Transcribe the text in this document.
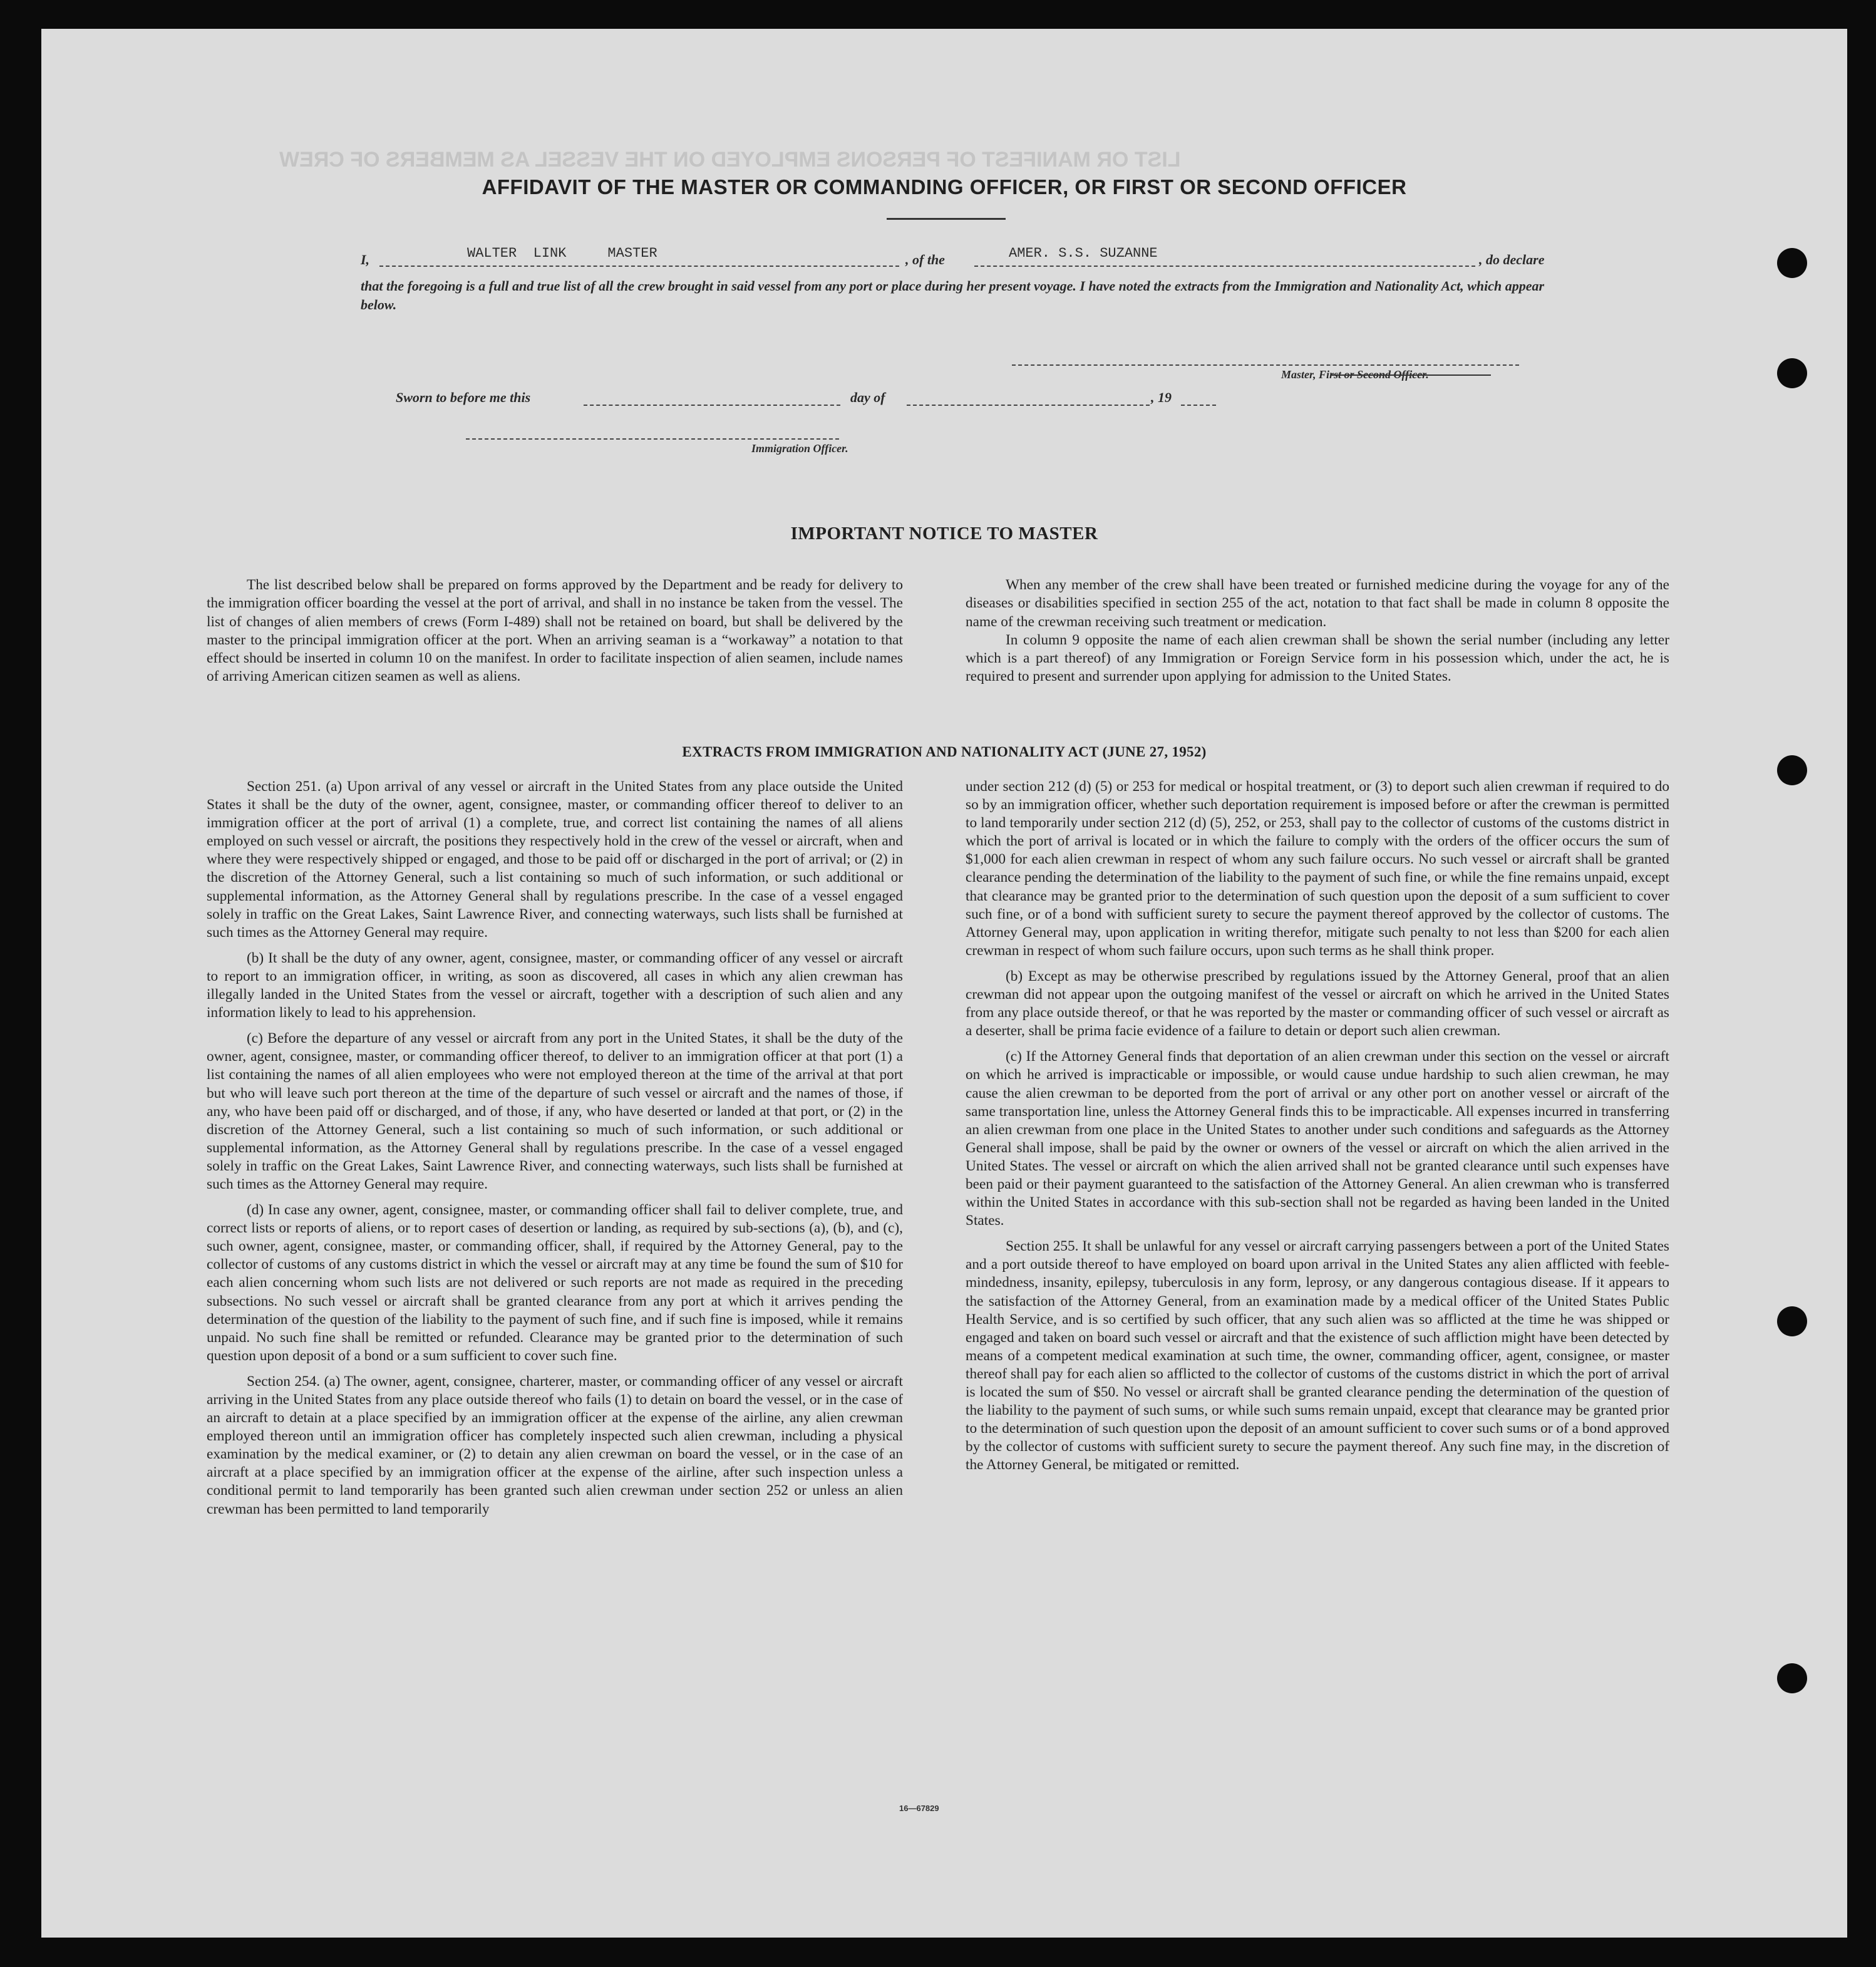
LIST OR MANIFEST OF PERSONS EMPLOYED ON THE VESSEL AS MEMBERS OF CREW
AFFIDAVIT OF THE MASTER OR COMMANDING OFFICER, OR FIRST OR SECOND OFFICER
I,	WALTER  LINK     MASTER	, of the	AMER. S.S. SUZANNE	, do declare
that the foregoing is a full and true list of all the crew brought in said vessel from any port or place during her present voyage. I have noted the extracts from the Immigration and Nationality Act, which appear below.
Master, First or Second Officer.
Sworn to before me this	day of	, 19
Immigration Officer.
IMPORTANT NOTICE TO MASTER

The list described below shall be prepared on forms approved by the Department and be ready for delivery to the immigration officer boarding the vessel at the port of arrival, and shall in no instance be taken from the vessel. The list of changes of alien members of crews (Form I-489) shall not be retained on board, but shall be delivered by the master to the principal immigration officer at the port. When an arriving seaman is a “workaway” a notation to that effect should be inserted in column 10 on the manifest. In order to facilitate inspection of alien seamen, include names of arriving American citizen seamen as well as aliens.

When any member of the crew shall have been treated or furnished medicine during the voyage for any of the diseases or disabilities specified in section 255 of the act, notation to that fact shall be made in column 8 opposite the name of the crewman receiving such treatment or medication.

In column 9 opposite the name of each alien crewman shall be shown the serial number (including any letter which is a part thereof) of any Immigration or Foreign Service form in his possession which, under the act, he is required to present and surrender upon applying for admission to the United States.

EXTRACTS FROM IMMIGRATION AND NATIONALITY ACT (JUNE 27, 1952)

Section 251. (a) Upon arrival of any vessel or aircraft in the United States from any place outside the United States it shall be the duty of the owner, agent, consignee, master, or commanding officer thereof to deliver to an immigration officer at the port of arrival (1) a complete, true, and correct list containing the names of all aliens employed on such vessel or aircraft, the positions they respectively hold in the crew of the vessel or aircraft, when and where they were respectively shipped or engaged, and those to be paid off or discharged in the port of arrival; or (2) in the discretion of the Attorney General, such a list containing so much of such information, or such additional or supplemental information, as the Attorney General shall by regulations prescribe. In the case of a vessel engaged solely in traffic on the Great Lakes, Saint Lawrence River, and connecting waterways, such lists shall be furnished at such times as the Attorney General may require.

(b) It shall be the duty of any owner, agent, consignee, master, or commanding officer of any vessel or aircraft to report to an immigration officer, in writing, as soon as discovered, all cases in which any alien crewman has illegally landed in the United States from the vessel or aircraft, together with a description of such alien and any information likely to lead to his apprehension.

(c) Before the departure of any vessel or aircraft from any port in the United States, it shall be the duty of the owner, agent, consignee, master, or commanding officer thereof, to deliver to an immigration officer at that port (1) a list containing the names of all alien employees who were not employed thereon at the time of the arrival at that port but who will leave such port thereon at the time of the departure of such vessel or aircraft and the names of those, if any, who have been paid off or discharged, and of those, if any, who have deserted or landed at that port, or (2) in the discretion of the Attorney General, such a list containing so much of such information, or such additional or supplemental information, as the Attorney General shall by regulations prescribe. In the case of a vessel engaged solely in traffic on the Great Lakes, Saint Lawrence River, and connecting waterways, such lists shall be furnished at such times as the Attorney General may require.

(d) In case any owner, agent, consignee, master, or commanding officer shall fail to deliver complete, true, and correct lists or reports of aliens, or to report cases of desertion or landing, as required by sub-sections (a), (b), and (c), such owner, agent, consignee, master, or commanding officer, shall, if required by the Attorney General, pay to the collector of customs of any customs district in which the vessel or aircraft may at any time be found the sum of $10 for each alien concerning whom such lists are not delivered or such reports are not made as required in the preceding subsections. No such vessel or aircraft shall be granted clearance from any port at which it arrives pending the determination of the question of the liability to the payment of such fine, and if such fine is imposed, while it remains unpaid. No such fine shall be remitted or refunded. Clearance may be granted prior to the determination of such question upon deposit of a bond or a sum sufficient to cover such fine.

Section 254. (a) The owner, agent, consignee, charterer, master, or commanding officer of any vessel or aircraft arriving in the United States from any place outside thereof who fails (1) to detain on board the vessel, or in the case of an aircraft to detain at a place specified by an immigration officer at the expense of the airline, any alien crewman employed thereon until an immigration officer has completely inspected such alien crewman, including a physical examination by the medical examiner, or (2) to detain any alien crewman on board the vessel, or in the case of an aircraft at a place specified by an immigration officer at the expense of the airline, after such inspection unless a conditional permit to land temporarily has been granted such alien crewman under section 252 or unless an alien crewman has been permitted to land temporarily

under section 212 (d) (5) or 253 for medical or hospital treatment, or (3) to deport such alien crewman if required to do so by an immigration officer, whether such deportation requirement is imposed before or after the crewman is permitted to land temporarily under section 212 (d) (5), 252, or 253, shall pay to the collector of customs of the customs district in which the port of arrival is located or in which the failure to comply with the orders of the officer occurs the sum of $1,000 for each alien crewman in respect of whom any such failure occurs. No such vessel or aircraft shall be granted clearance pending the determination of the liability to the payment of such fine, or while the fine remains unpaid, except that clearance may be granted prior to the determination of such question upon the deposit of a sum sufficient to cover such fine, or of a bond with sufficient surety to secure the payment thereof approved by the collector of customs. The Attorney General may, upon application in writing therefor, mitigate such penalty to not less than $200 for each alien crewman in respect of whom such failure occurs, upon such terms as he shall think proper.

(b) Except as may be otherwise prescribed by regulations issued by the Attorney General, proof that an alien crewman did not appear upon the outgoing manifest of the vessel or aircraft on which he arrived in the United States from any place outside thereof, or that he was reported by the master or commanding officer of such vessel or aircraft as a deserter, shall be prima facie evidence of a failure to detain or deport such alien crewman.

(c) If the Attorney General finds that deportation of an alien crewman under this section on the vessel or aircraft on which he arrived is impracticable or impossible, or would cause undue hardship to such alien crewman, he may cause the alien crewman to be deported from the port of arrival or any other port on another vessel or aircraft of the same transportation line, unless the Attorney General finds this to be impracticable. All expenses incurred in transferring an alien crewman from one place in the United States to another under such conditions and safeguards as the Attorney General shall impose, shall be paid by the owner or owners of the vessel or aircraft on which the alien arrived in the United States. The vessel or aircraft on which the alien arrived shall not be granted clearance until such expenses have been paid or their payment guaranteed to the satisfaction of the Attorney General. An alien crewman who is transferred within the United States in accordance with this sub-section shall not be regarded as having been landed in the United States.

Section 255. It shall be unlawful for any vessel or aircraft carrying passengers between a port of the United States and a port outside thereof to have employed on board upon arrival in the United States any alien afflicted with feeble-mindedness, insanity, epilepsy, tuberculosis in any form, leprosy, or any dangerous contagious disease. If it appears to the satisfaction of the Attorney General, from an examination made by a medical officer of the United States Public Health Service, and is so certified by such officer, that any such alien was so afflicted at the time he was shipped or engaged and taken on board such vessel or aircraft and that the existence of such affliction might have been detected by means of a competent medical examination at such time, the owner, commanding officer, agent, consignee, or master thereof shall pay for each alien so afflicted to the collector of customs of the customs district in which the port of arrival is located the sum of $50. No vessel or aircraft shall be granted clearance pending the determination of the question of the liability to the payment of such sums, or while such sums remain unpaid, except that clearance may be granted prior to the determination of such question upon the deposit of an amount sufficient to cover such sums or of a bond approved by the collector of customs with sufficient surety to secure the payment thereof. Any such fine may, in the discretion of the Attorney General, be mitigated or remitted.

16—67829
